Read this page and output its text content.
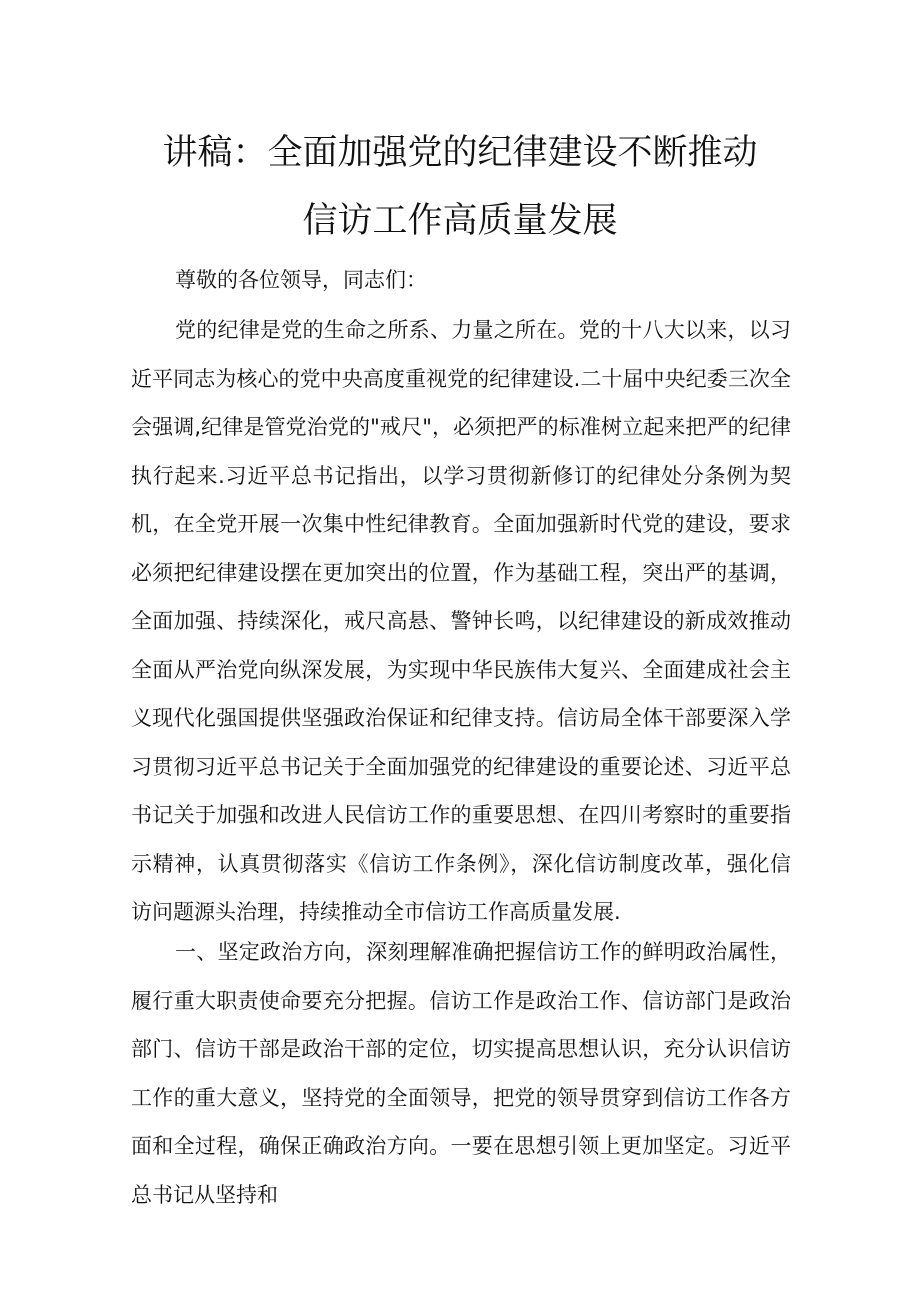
讲稿：全面加强党的纪律建设不断推动
信访工作高质量发展
尊敬的各位领导，同志们：

党的纪律是党的生命之所系、力量之所在。党的十八大以来，以习近平同志为核心的党中央高度重视党的纪律建设.二十届中央纪委三次全会强调,纪律是管党治党的"戒尺"，必须把严的标准树立起来把严的纪律执行起来.习近平总书记指出，以学习贯彻新修订的纪律处分条例为契机，在全党开展一次集中性纪律教育。全面加强新时代党的建设，要求必须把纪律建设摆在更加突出的位置，作为基础工程，突出严的基调，全面加强、持续深化，戒尺高悬、警钟长鸣，以纪律建设的新成效推动全面从严治党向纵深发展，为实现中华民族伟大复兴、全面建成社会主义现代化强国提供坚强政治保证和纪律支持。信访局全体干部要深入学习贯彻习近平总书记关于全面加强党的纪律建设的重要论述、习近平总书记关于加强和改进人民信访工作的重要思想、在四川考察时的重要指示精神，认真贯彻落实《信访工作条例》，深化信访制度改革，强化信访问题源头治理，持续推动全市信访工作高质量发展.

一、坚定政治方向，深刻理解准确把握信访工作的鲜明政治属性，履行重大职责使命要充分把握。信访工作是政治工作、信访部门是政治部门、信访干部是政治干部的定位，切实提高思想认识，充分认识信访工作的重大意义，坚持党的全面领导，把党的领导贯穿到信访工作各方面和全过程，确保正确政治方向。一要在思想引领上更加坚定。习近平总书记从坚持和
